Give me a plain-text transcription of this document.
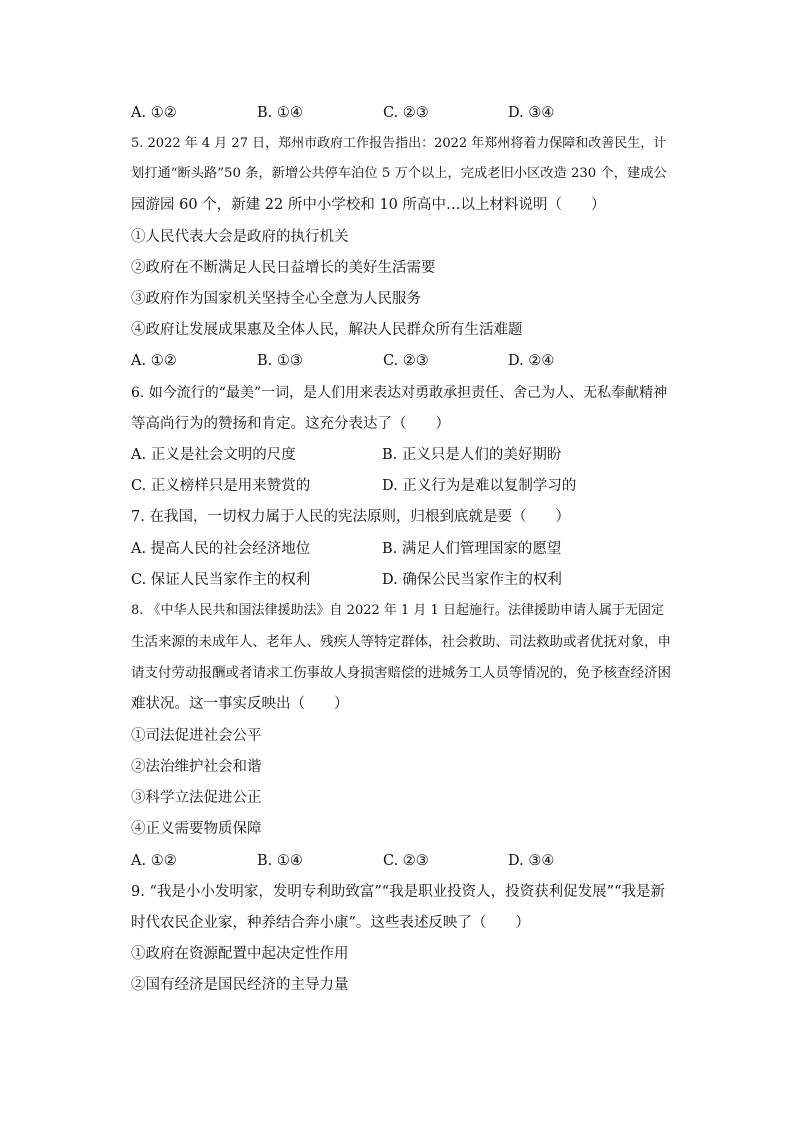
A. ①②	B. ①④	C. ②③	D. ③④
5. 2022 年 4 月 27 日，郑州市政府工作报告指出：2022 年郑州将着力保障和改善民生，计
划打通“断头路”50 条，新增公共停车泊位 5 万个以上，完成老旧小区改造 230 个，建成公
园游园 60 个，新建 22 所中小学校和 10 所高中…以上材料说明（　　）
①人民代表大会是政府的执行机关
②政府在不断满足人民日益增长的美好生活需要
③政府作为国家机关坚持全心全意为人民服务
④政府让发展成果惠及全体人民，解决人民群众所有生活难题
A. ①②	B. ①③	C. ②③	D. ②④
6. 如今流行的“最美”一词，是人们用来表达对勇敢承担责任、舍己为人、无私奉献精神
等高尚行为的赞扬和肯定。这充分表达了（　　）
A. 正义是社会文明的尺度	B. 正义只是人们的美好期盼
C. 正义榜样只是用来赞赏的	D. 正义行为是难以复制学习的
7. 在我国，一切权力属于人民的宪法原则，归根到底就是要（　　）
A. 提高人民的社会经济地位	B. 满足人们管理国家的愿望
C. 保证人民当家作主的权利	D. 确保公民当家作主的权利
8. 《中华人民共和国法律援助法》自 2022 年 1 月 1 日起施行。法律援助申请人属于无固定
生活来源的未成年人、老年人、残疾人等特定群体，社会救助、司法救助或者优抚对象，申
请支付劳动报酬或者请求工伤事故人身损害赔偿的进城务工人员等情况的，免予核查经济困
难状况。这一事实反映出（　　）
①司法促进社会公平
②法治维护社会和谐
③科学立法促进公正
④正义需要物质保障
A. ①②	B. ①④	C. ②③	D. ③④
9. “我是小小发明家，发明专利助致富”“我是职业投资人，投资获利促发展”“我是新
时代农民企业家，种养结合奔小康”。这些表述反映了（　　）
①政府在资源配置中起决定性作用
②国有经济是国民经济的主导力量
